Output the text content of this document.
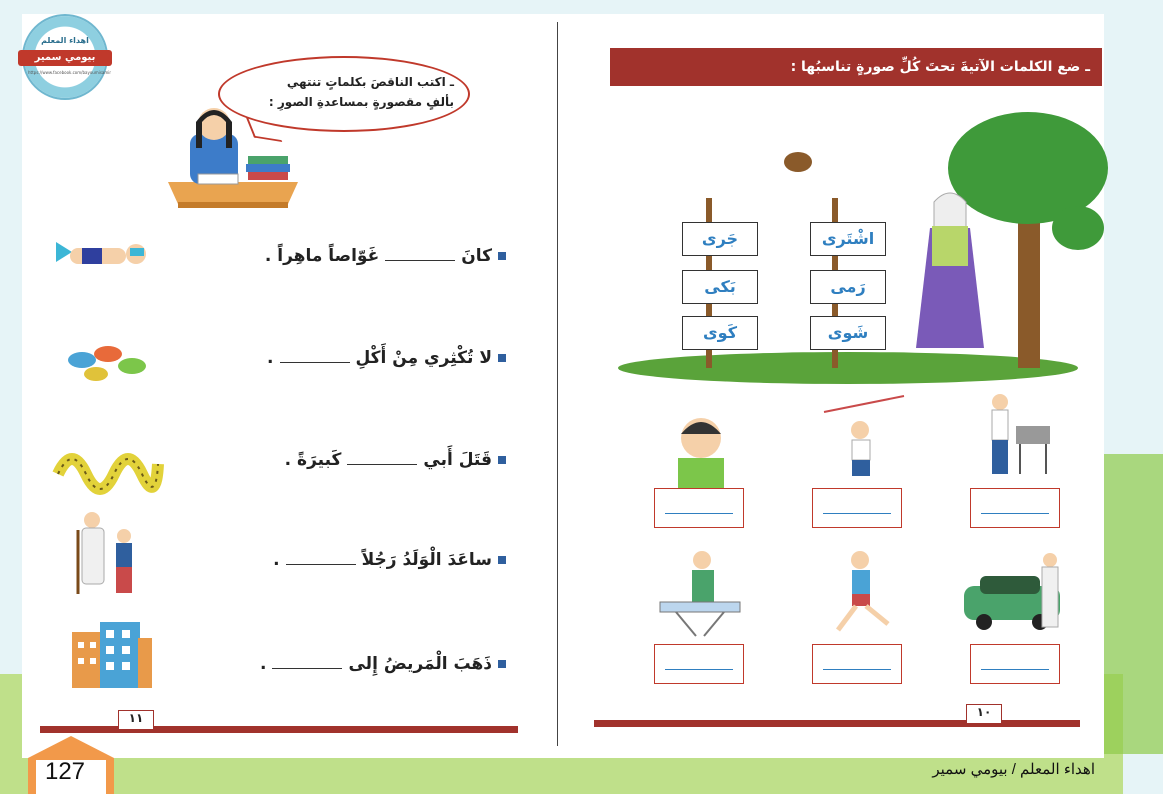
اهداء المعلم
بيومي سمير
https://www.facebook.com/bayoumisamir
ـ اكتب الناقصَ بكلماتٍ تنتهي
بألفٍ مقصورةٍ بمساعدةِ الصورِ :
كانَغَوّاصاً ماهِراً .
لا تُكْثِري مِنْ أَكْلِ.
قَتَلَ أَبيكَبيرَةً .
ساعَدَ الْوَلَدُ رَجُلاً.
ذَهَبَ الْمَريضُ إِلى.
١١
ـ ضع الكلمات الآتيةَ تحتَ كُلِّ صورةٍ تناسبُها :
جَرى
بَكى
كَوى
اشْتَرى
رَمى
شَوى
١٠
127	اهداء المعلم / بيومي سمير
